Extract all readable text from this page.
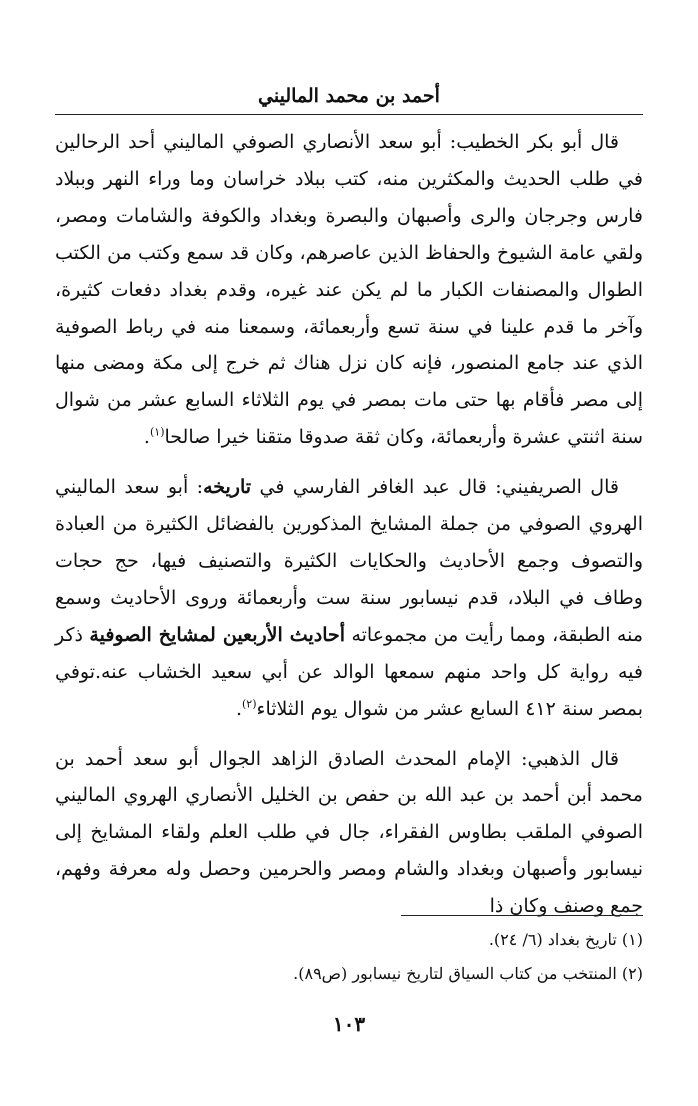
أحمد بن محمد الماليني

قال أبو بكر الخطيب: أبو سعد الأنصاري الصوفي الماليني أحد الرحالين في طلب الحديث والمكثرين منه، كتب ببلاد خراسان وما وراء النهر وببلاد فارس وجرجان والرى وأصبهان والبصرة وبغداد والكوفة والشامات ومصر، ولقي عامة الشيوخ والحفاظ الذين عاصرهم، وكان قد سمع وكتب من الكتب الطوال والمصنفات الكبار ما لم يكن عند غيره، وقدم بغداد دفعات كثيرة، وآخر ما قدم علينا في سنة تسع وأربعمائة، وسمعنا منه في رباط الصوفية الذي عند جامع المنصور، فإنه كان نزل هناك ثم خرج إلى مكة ومضى منها إلى مصر فأقام بها حتى مات بمصر في يوم الثلاثاء السابع عشر من شوال سنة اثنتي عشرة وأربعمائة، وكان ثقة صدوقا متقنا خيرا صالحا$^{(١)}$.

قال الصريفيني: قال عبد الغافر الفارسي في تاريخه: أبو سعد الماليني الهروي الصوفي من جملة المشايخ المذكورين بالفضائل الكثيرة من العبادة والتصوف وجمع الأحاديث والحكايات الكثيرة والتصنيف فيها، حج حجات وطاف في البلاد، قدم نيسابور سنة ست وأربعمائة وروى الأحاديث وسمع منه الطبقة، ومما رأيت من مجموعاته أحاديث الأربعين لمشايخ الصوفية ذكر فيه رواية كل واحد منهم سمعها الوالد عن أبي سعيد الخشاب عنه.توفي بمصر سنة ٤١٢ السابع عشر من شوال يوم الثلاثاء$^{(٢)}$.

قال الذهبي: الإمام المحدث الصادق الزاهد الجوال أبو سعد أحمد بن محمد أبن أحمد بن عبد الله بن حفص بن الخليل الأنصاري الهروي الماليني الصوفي الملقب بطاوس الفقراء، جال في طلب العلم ولقاء المشايخ إلى نيسابور وأصبهان وبغداد والشام ومصر والحرمين وحصل وله معرفة وفهم، جمع وصنف وكان ذا

(١) تاريخ بغداد (٦/ ٢٤).

(٢) المنتخب من كتاب السياق لتاريخ نيسابور (ص٨٩).

١٠٣
